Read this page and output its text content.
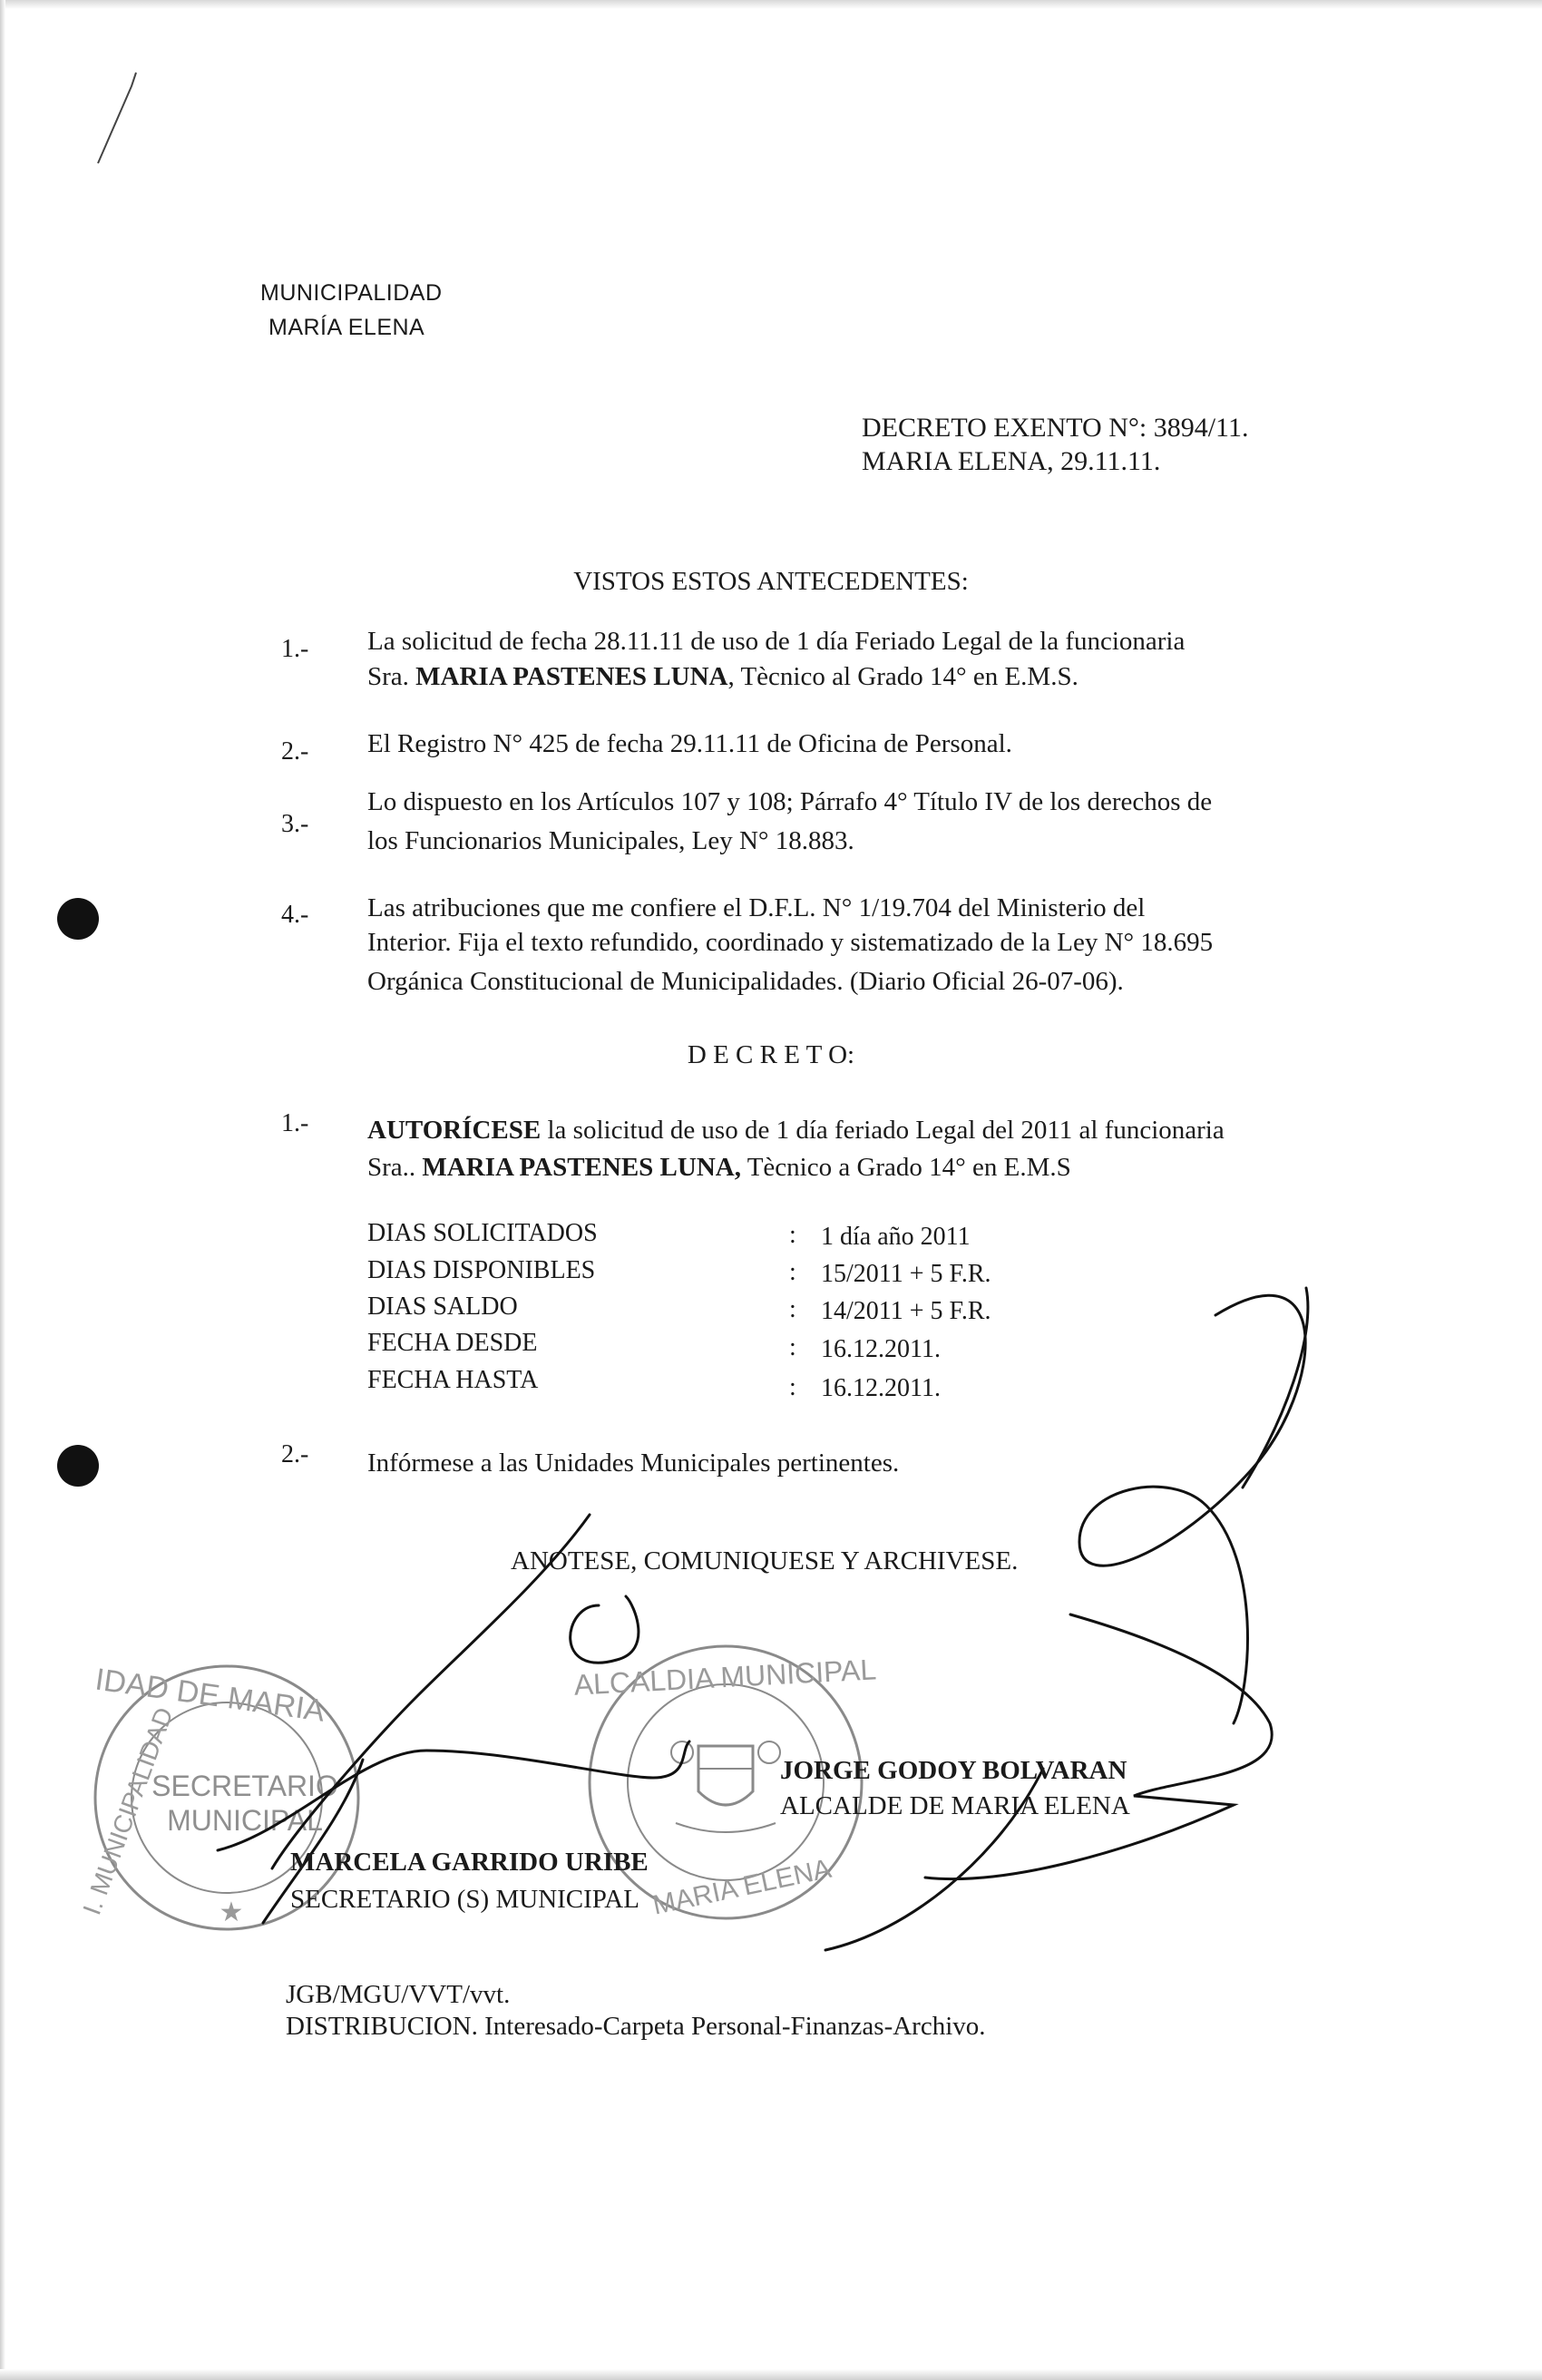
MUNICIPALIDAD
MARÍA ELENA
DECRETO EXENTO N°: 3894/11.
MARIA ELENA, 29.11.11.
VISTOS ESTOS ANTECEDENTES:
1.- La solicitud de fecha 28.11.11 de uso de 1 día Feriado Legal de la funcionaria
Sra. MARIA PASTENES LUNA, Tècnico al Grado 14° en E.M.S.
2.- El Registro N° 425 de fecha 29.11.11 de Oficina de Personal.
3.-
Lo dispuesto en los Artículos 107 y 108; Párrafo 4° Título IV de los derechos de
los Funcionarios Municipales, Ley N° 18.883.
4.- Las atribuciones que me confiere el D.F.L. N° 1/19.704 del Ministerio del
Interior. Fija el texto refundido, coordinado y sistematizado de la Ley N° 18.695
Orgánica Constitucional de Municipalidades. (Diario Oficial 26-07-06).
D E C R E T O:
1.- AUTORÍCESE la solicitud de uso de 1 día feriado Legal del 2011 al funcionaria
Sra.. MARIA PASTENES LUNA, Tècnico a Grado 14° en E.M.S
DIAS SOLICITADOS	: 1 día año 2011
DIAS DISPONIBLES	: 15/2011 + 5 F.R.
DIAS SALDO	: 14/2011 + 5 F.R.
FECHA DESDE	: 16.12.2011.
FECHA HASTA	: 16.12.2011.
2.- Infórmese a las Unidades Municipales pertinentes.
ANOTESE, COMUNIQUESE Y ARCHIVESE.
IDAD DE MARIA
I. MUNICIPALIDAD
SECRETARIO
MUNICIPAL
★
ALCALDIA MUNICIPAL
MARIA ELENA
JORGE GODOY BOLVARAN
ALCALDE DE MARIA ELENA
MARCELA GARRIDO URIBE
SECRETARIO (S) MUNICIPAL
JGB/MGU/VVT/vvt.
DISTRIBUCION. Interesado-Carpeta Personal-Finanzas-Archivo.
